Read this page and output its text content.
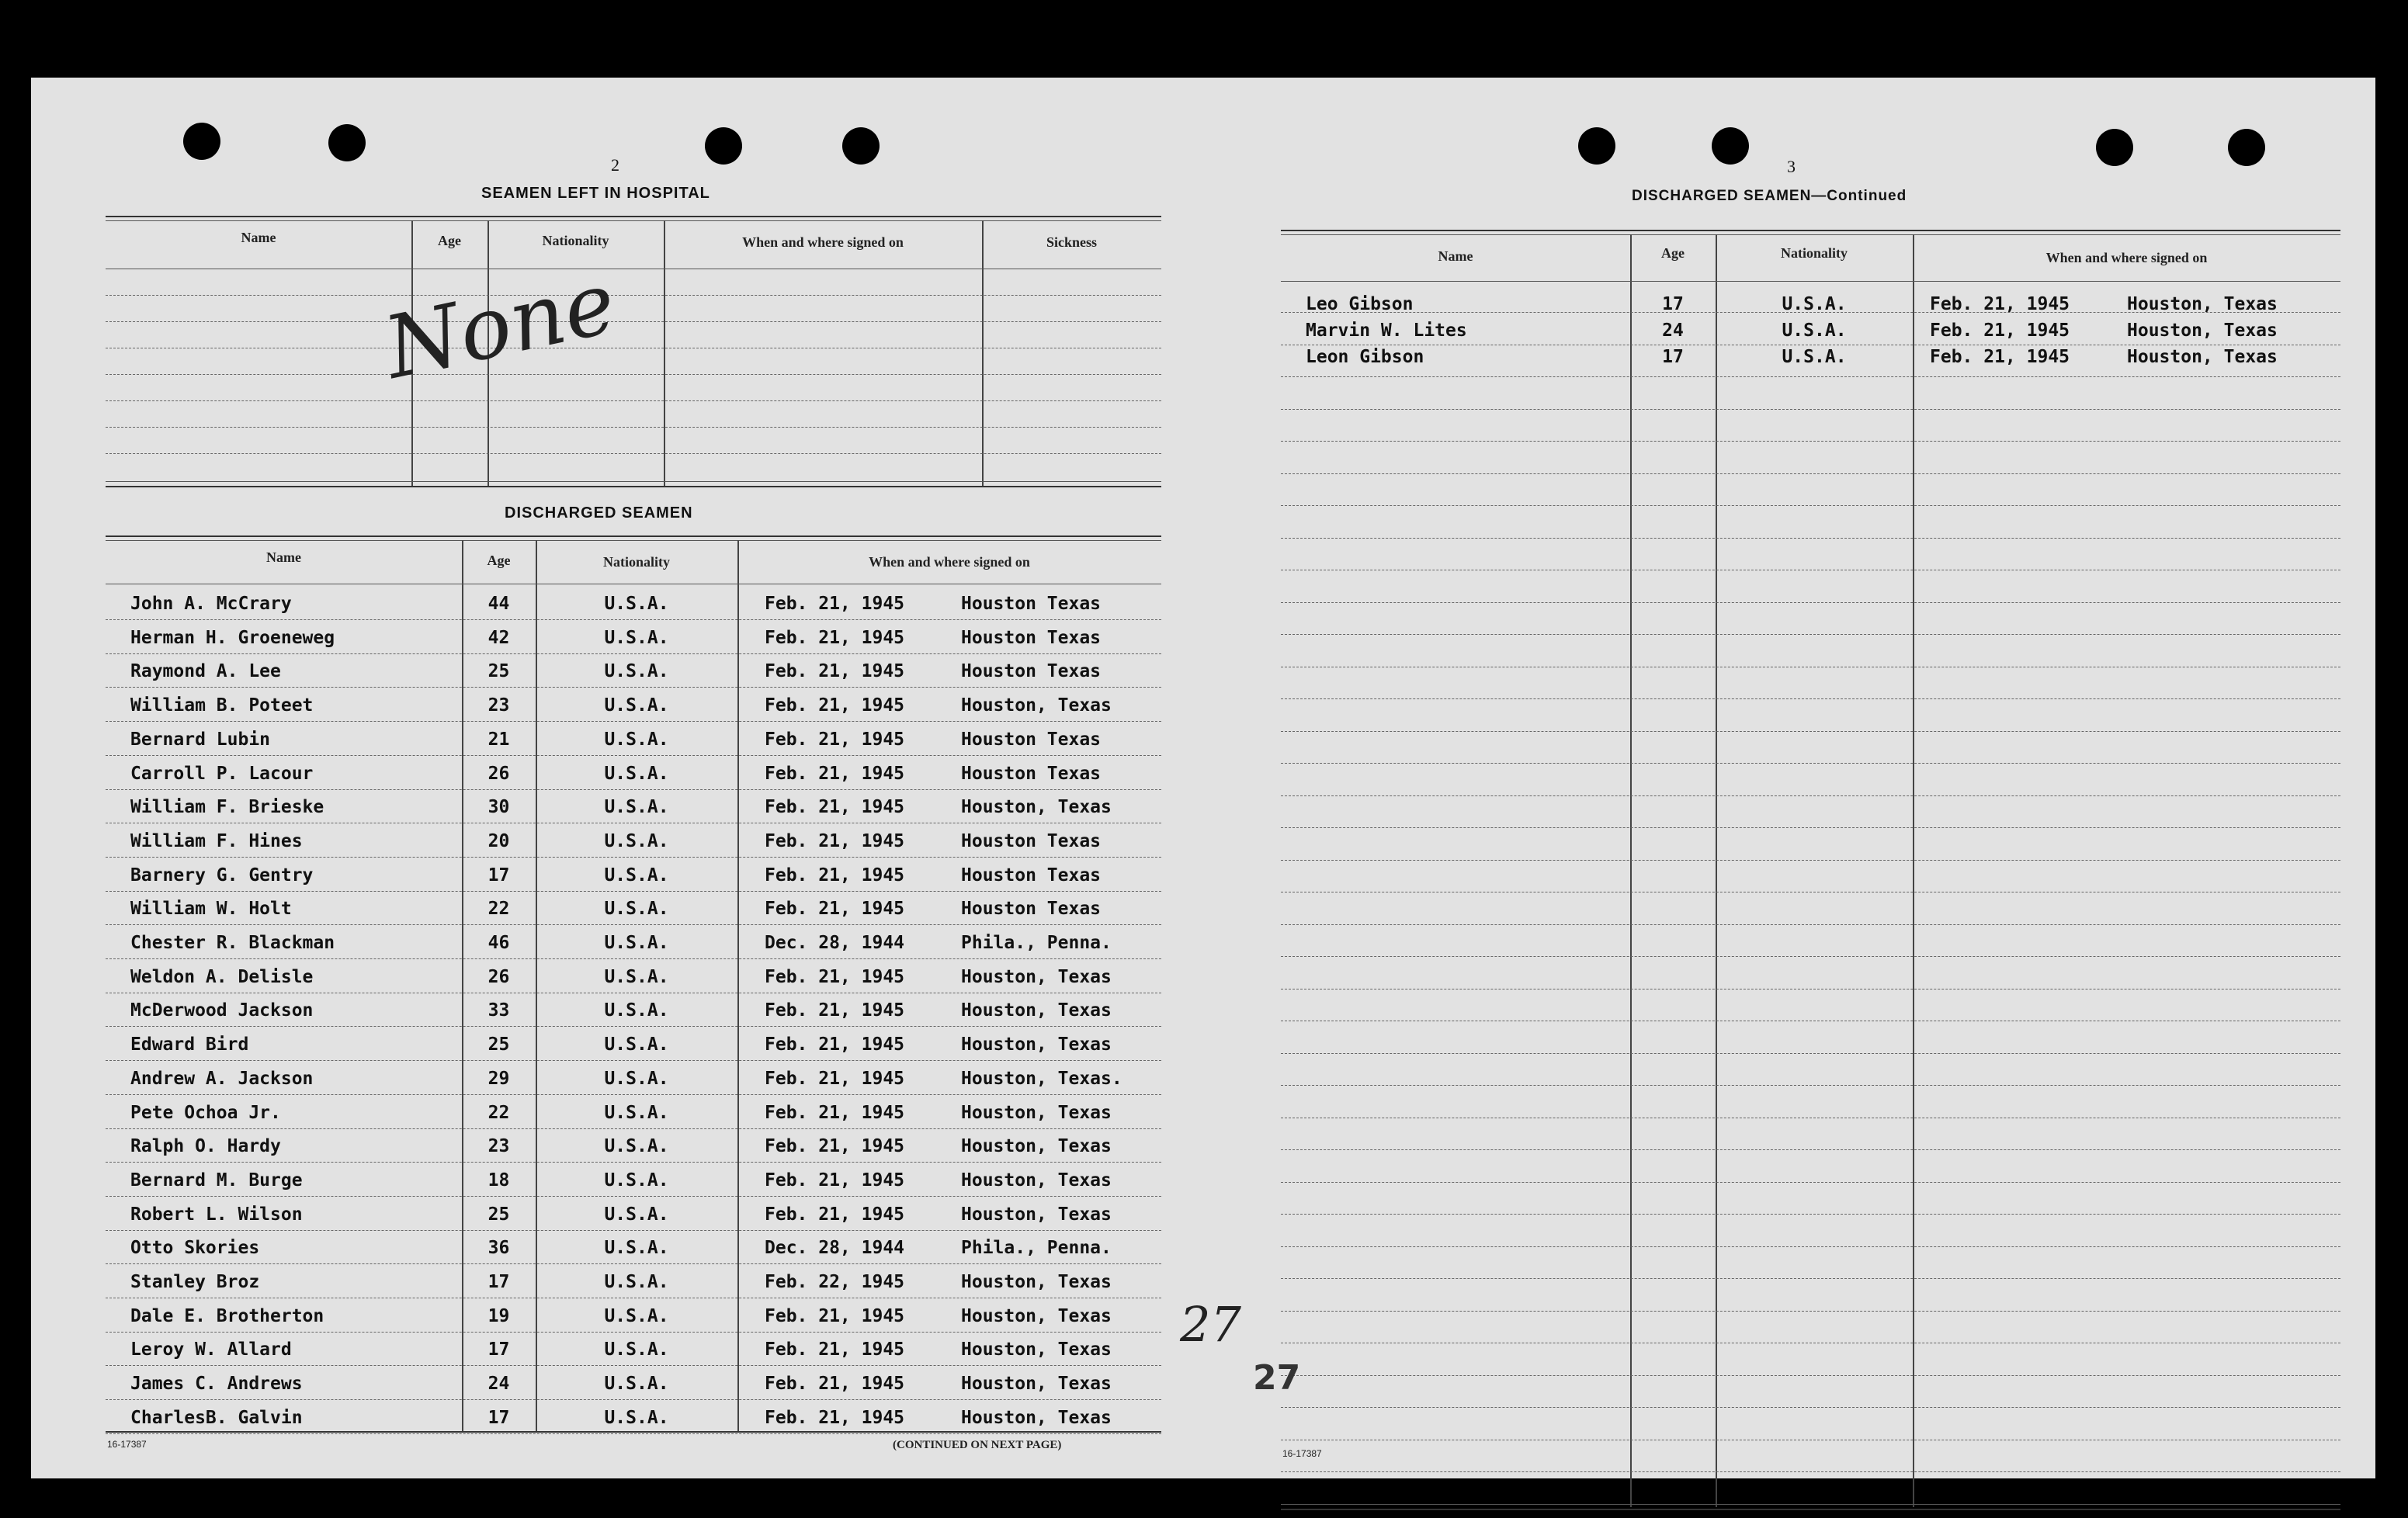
2
SEAMEN LEFT IN HOSPITAL
Name	Age	Nationality	When and where signed on	Sickness
None
DISCHARGED SEAMEN
Name	Age	Nationality	When and where signed on
John A. McCrary	44	U.S.A.	Feb. 21, 1945	Houston Texas
Herman H. Groeneweg	42	U.S.A.	Feb. 21, 1945	Houston Texas
Raymond A. Lee	25	U.S.A.	Feb. 21, 1945	Houston Texas
William B. Poteet	23	U.S.A.	Feb. 21, 1945	Houston, Texas
Bernard Lubin	21	U.S.A.	Feb. 21, 1945	Houston Texas
Carroll P. Lacour	26	U.S.A.	Feb. 21, 1945	Houston Texas
William F. Brieske	30	U.S.A.	Feb. 21, 1945	Houston, Texas
William F. Hines	20	U.S.A.	Feb. 21, 1945	Houston Texas
Barnery G. Gentry	17	U.S.A.	Feb. 21, 1945	Houston Texas
William W. Holt	22	U.S.A.	Feb. 21, 1945	Houston Texas
Chester R. Blackman	46	U.S.A.	Dec. 28, 1944	Phila., Penna.
Weldon A. Delisle	26	U.S.A.	Feb. 21, 1945	Houston, Texas
McDerwood Jackson	33	U.S.A.	Feb. 21, 1945	Houston, Texas
Edward Bird	25	U.S.A.	Feb. 21, 1945	Houston, Texas
Andrew A. Jackson	29	U.S.A.	Feb. 21, 1945	Houston, Texas.
Pete Ochoa Jr.	22	U.S.A.	Feb. 21, 1945	Houston, Texas
Ralph O. Hardy	23	U.S.A.	Feb. 21, 1945	Houston, Texas
Bernard M. Burge	18	U.S.A.	Feb. 21, 1945	Houston, Texas
Robert L. Wilson	25	U.S.A.	Feb. 21, 1945	Houston, Texas
Otto Skories	36	U.S.A.	Dec. 28, 1944	Phila., Penna.
Stanley Broz	17	U.S.A.	Feb. 22, 1945	Houston, Texas
Dale E. Brotherton	19	U.S.A.	Feb. 21, 1945	Houston, Texas
Leroy W. Allard	17	U.S.A.	Feb. 21, 1945	Houston, Texas
James C. Andrews	24	U.S.A.	Feb. 21, 1945	Houston, Texas
CharlesB. Galvin	17	U.S.A.	Feb. 21, 1945	Houston, Texas
16-17387	(CONTINUED ON NEXT PAGE)
3
DISCHARGED SEAMEN—Continued
Name	Age	Nationality	When and where signed on
Leo Gibson	17	U.S.A.	Feb. 21, 1945	Houston, Texas
Marvin W. Lites	24	U.S.A.	Feb. 21, 1945	Houston, Texas
Leon Gibson	17	U.S.A.	Feb. 21, 1945	Houston, Texas
27
27
16-17387
